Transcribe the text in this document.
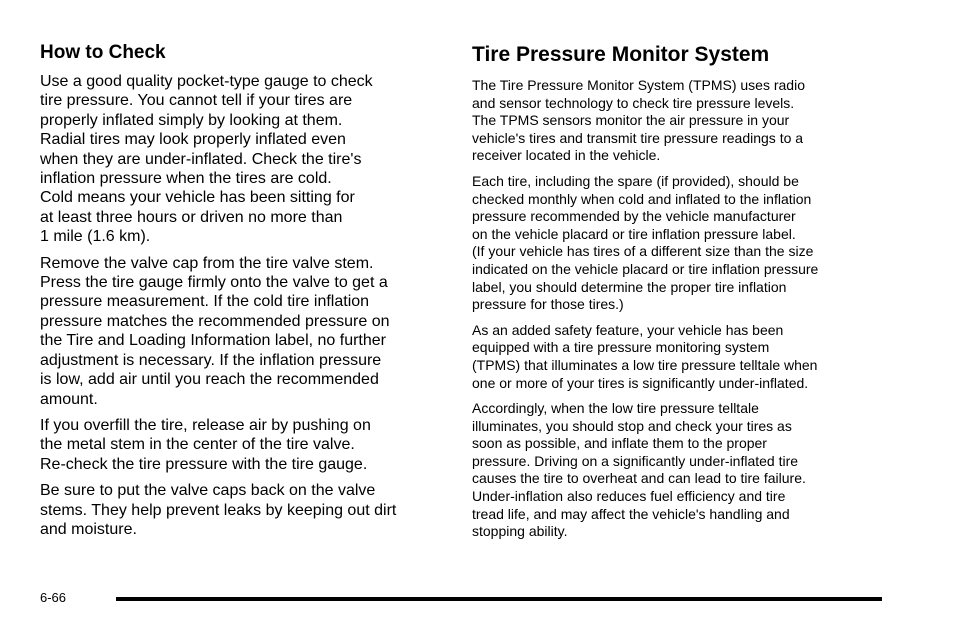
How to Check

Use a good quality pocket-type gauge to check
tire pressure. You cannot tell if your tires are
properly inflated simply by looking at them.
Radial tires may look properly inflated even
when they are under-inflated. Check the tire's
inflation pressure when the tires are cold.
Cold means your vehicle has been sitting for
at least three hours or driven no more than
1 mile (1.6 km).

Remove the valve cap from the tire valve stem.
Press the tire gauge firmly onto the valve to get a
pressure measurement. If the cold tire inflation
pressure matches the recommended pressure on
the Tire and Loading Information label, no further
adjustment is necessary. If the inflation pressure
is low, add air until you reach the recommended
amount.

If you overfill the tire, release air by pushing on
the metal stem in the center of the tire valve.
Re-check the tire pressure with the tire gauge.

Be sure to put the valve caps back on the valve
stems. They help prevent leaks by keeping out dirt
and moisture.

Tire Pressure Monitor System

The Tire Pressure Monitor System (TPMS) uses radio
and sensor technology to check tire pressure levels.
The TPMS sensors monitor the air pressure in your
vehicle's tires and transmit tire pressure readings to a
receiver located in the vehicle.

Each tire, including the spare (if provided), should be
checked monthly when cold and inflated to the inflation
pressure recommended by the vehicle manufacturer
on the vehicle placard or tire inflation pressure label.
(If your vehicle has tires of a different size than the size
indicated on the vehicle placard or tire inflation pressure
label, you should determine the proper tire inflation
pressure for those tires.)

As an added safety feature, your vehicle has been
equipped with a tire pressure monitoring system
(TPMS) that illuminates a low tire pressure telltale when
one or more of your tires is significantly under-inflated.

Accordingly, when the low tire pressure telltale
illuminates, you should stop and check your tires as
soon as possible, and inflate them to the proper
pressure. Driving on a significantly under-inflated tire
causes the tire to overheat and can lead to tire failure.
Under-inflation also reduces fuel efficiency and tire
tread life, and may affect the vehicle's handling and
stopping ability.

6-66
